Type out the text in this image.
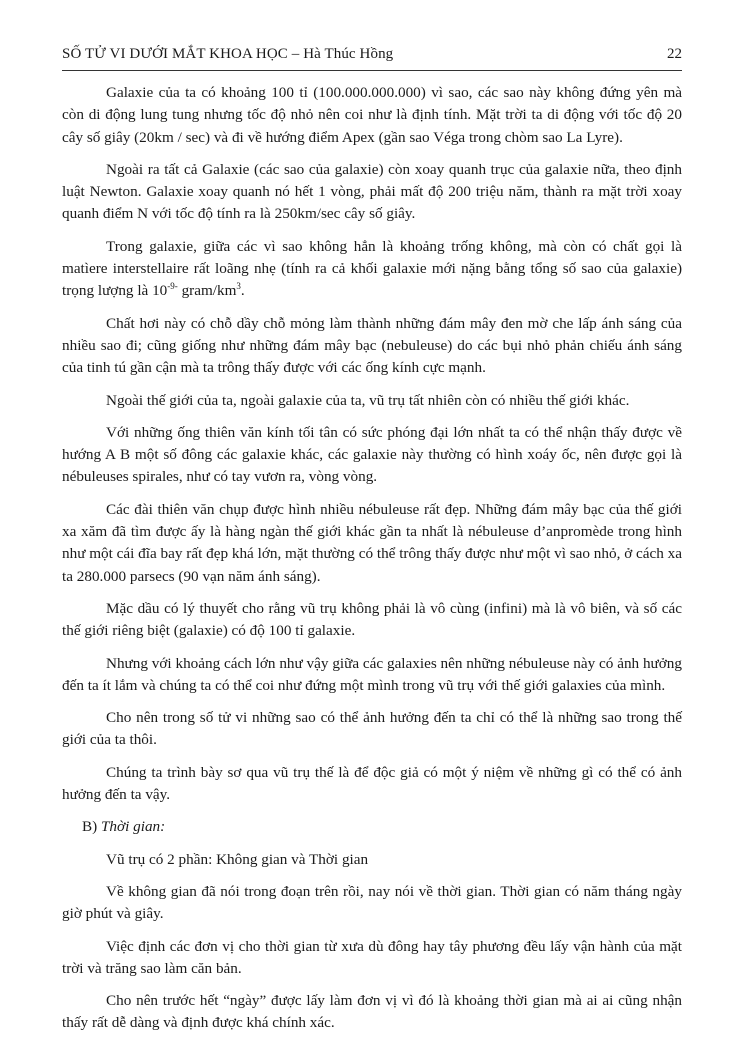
SỐ TỬ VI DƯỚI MẮT KHOA HỌC – Hà Thúc Hồng	22

Galaxie của ta có khoảng 100 tỉ (100.000.000.000) vì sao, các sao này không đứng yên mà còn di động lung tung nhưng tốc độ nhỏ nên coi như là định tính. Mặt trời ta di động với tốc độ 20 cây số giây (20km / sec) và đi về hướng điểm Apex (gần sao Véga trong chòm sao La Lyre).

Ngoài ra tất cả Galaxie (các sao của galaxie) còn xoay quanh trục của galaxie nữa, theo định luật Newton. Galaxie xoay quanh nó hết 1 vòng, phải mất độ 200 triệu năm, thành ra mặt trời xoay quanh điểm N với tốc độ tính ra là 250km/sec cây số giây.

Trong galaxie, giữa các vì sao không hẳn là khoảng trống không, mà còn có chất gọi là matìere interstellaire rất loãng nhẹ (tính ra cả khối galaxie mới nặng bằng tổng số sao của galaxie) trọng lượng là $10^{-9-}$ gram/$km^3$.

Chất hơi này có chỗ dầy chỗ mỏng làm thành những đám mây đen mờ che lấp ánh sáng của nhiều sao đi; cũng giống như những đám mây bạc (nebuleuse) do các bụi nhỏ phản chiếu ánh sáng của tinh tú gần cận mà ta trông thấy được với các ống kính cực mạnh.

Ngoài thế giới của ta, ngoài galaxie của ta, vũ trụ tất nhiên còn có nhiều thế giới khác.

Với những ống thiên văn kính tối tân có sức phóng đại lớn nhất ta có thể nhận thấy được về hướng A B một số đông các galaxie khác, các galaxie này thường có hình xoáy ốc, nên được gọi là nébuleuses spirales, như có tay vươn ra, vòng vòng.

Các đài thiên văn chụp được hình nhiều nébuleuse rất đẹp. Những đám mây bạc của thế giới xa xăm đã tìm được ấy là hàng ngàn thế giới khác gần ta nhất là nébuleuse d’anpromède trong hình như một cái đĩa bay rất đẹp khá lớn, mặt thường có thể trông thấy được như một vì sao nhỏ, ở cách xa ta 280.000 parsecs (90 vạn năm ánh sáng).

Mặc dầu có lý thuyết cho rằng vũ trụ không phải là vô cùng (infini) mà là vô biên, và số các thế giới riêng biệt (galaxie) có độ 100 tỉ galaxie.

Nhưng với khoảng cách lớn như vậy giữa các galaxies nên những nébuleuse này có ảnh hưởng đến ta ít lắm và chúng ta có thể coi như đứng một mình trong vũ trụ với thế giới galaxies của mình.

Cho nên trong số tử vi những sao có thể ảnh hưởng đến ta chỉ có thể là những sao trong thế giới của ta thôi.

Chúng ta trình bày sơ qua vũ trụ thế là để độc giả có một ý niệm về những gì có thể có ảnh hưởng đến ta vậy.

B) Thời gian:

Vũ trụ có 2 phần: Không gian và Thời gian

Về không gian đã nói trong đoạn trên rồi, nay nói về thời gian. Thời gian có năm tháng ngày giờ phút và giây.

Việc định các đơn vị cho thời gian từ xưa dù đông hay tây phương đều lấy vận hành của mặt trời và trăng sao làm căn bản.

Cho nên trước hết “ngày” được lấy làm đơn vị vì đó là khoảng thời gian mà ai ai cũng nhận thấy rất dễ dàng và định được khá chính xác.
